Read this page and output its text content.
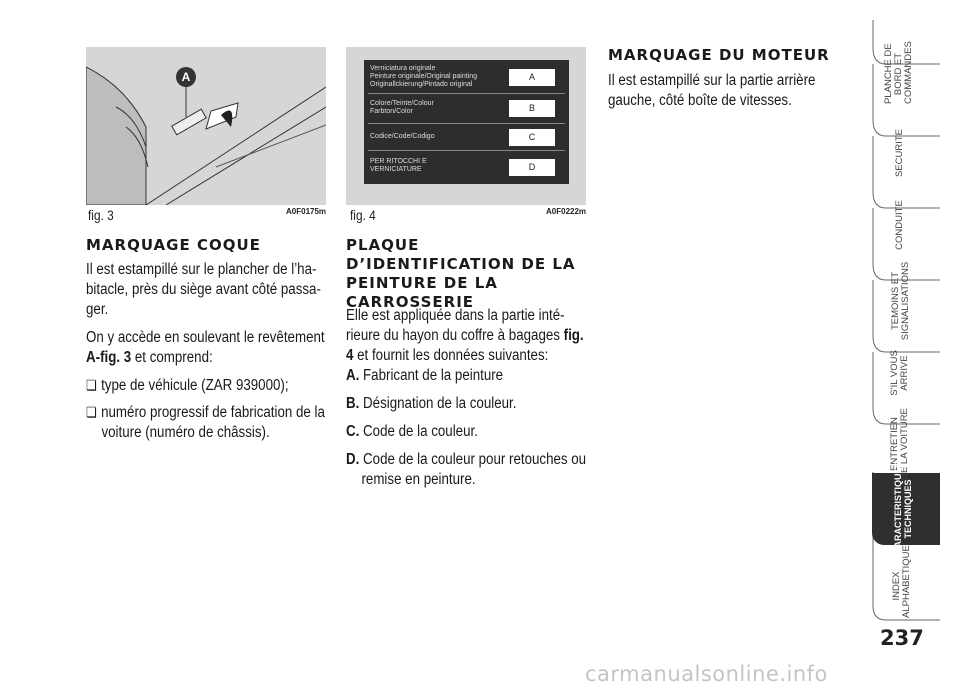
A
fig. 3	A0F0175m
Verniciatura originale
Peinture originale/Original painting
Originallckierung/Pintado original
A
Colore/Teinte/Colour
Farbton/Color	B
Codice/Code/Codigo	C
PER RITOCCHI E
VERNICIATURE	D
fig. 4	A0F0222m
MARQUAGE COQUE
Il est estampillé sur le plancher de l’ha-bitacle, près du siège avant côté passa-ger.
On y accède en soulevant le revêtement
A-fig. 3 et comprend:
❏ type de véhicule (ZAR 939000);
❏ numéro progressif de fabrication de la voiture (numéro de châssis).
PLAQUE D’IDENTIFICATION DE LA PEINTURE DE LA CARROSSERIE
Elle est appliquée dans la partie inté-rieure du hayon du coffre à bagages fig. 4 et fournit les données suivantes:
A. Fabricant de la peinture
B. Désignation de la couleur.
C. Code de la couleur.
D. Code de la couleur pour retouches ou remise en peinture.
MARQUAGE DU MOTEUR
Il est estampillé sur la partie arrière gauche, côté boîte de vitesses.	PLANCHE DE
BORD ET
COMMANDES
SECURITE
CONDUITE
TEMOINS ET
SIGNALISATIONS
S’IL VOUS
ARRIVE
ENTRETIEN
DE LA VOITURE
CARACTERISTIQUES
TECHNIQUES
INDEX
ALPHABETIQUE
237
carmanualsonline.info
